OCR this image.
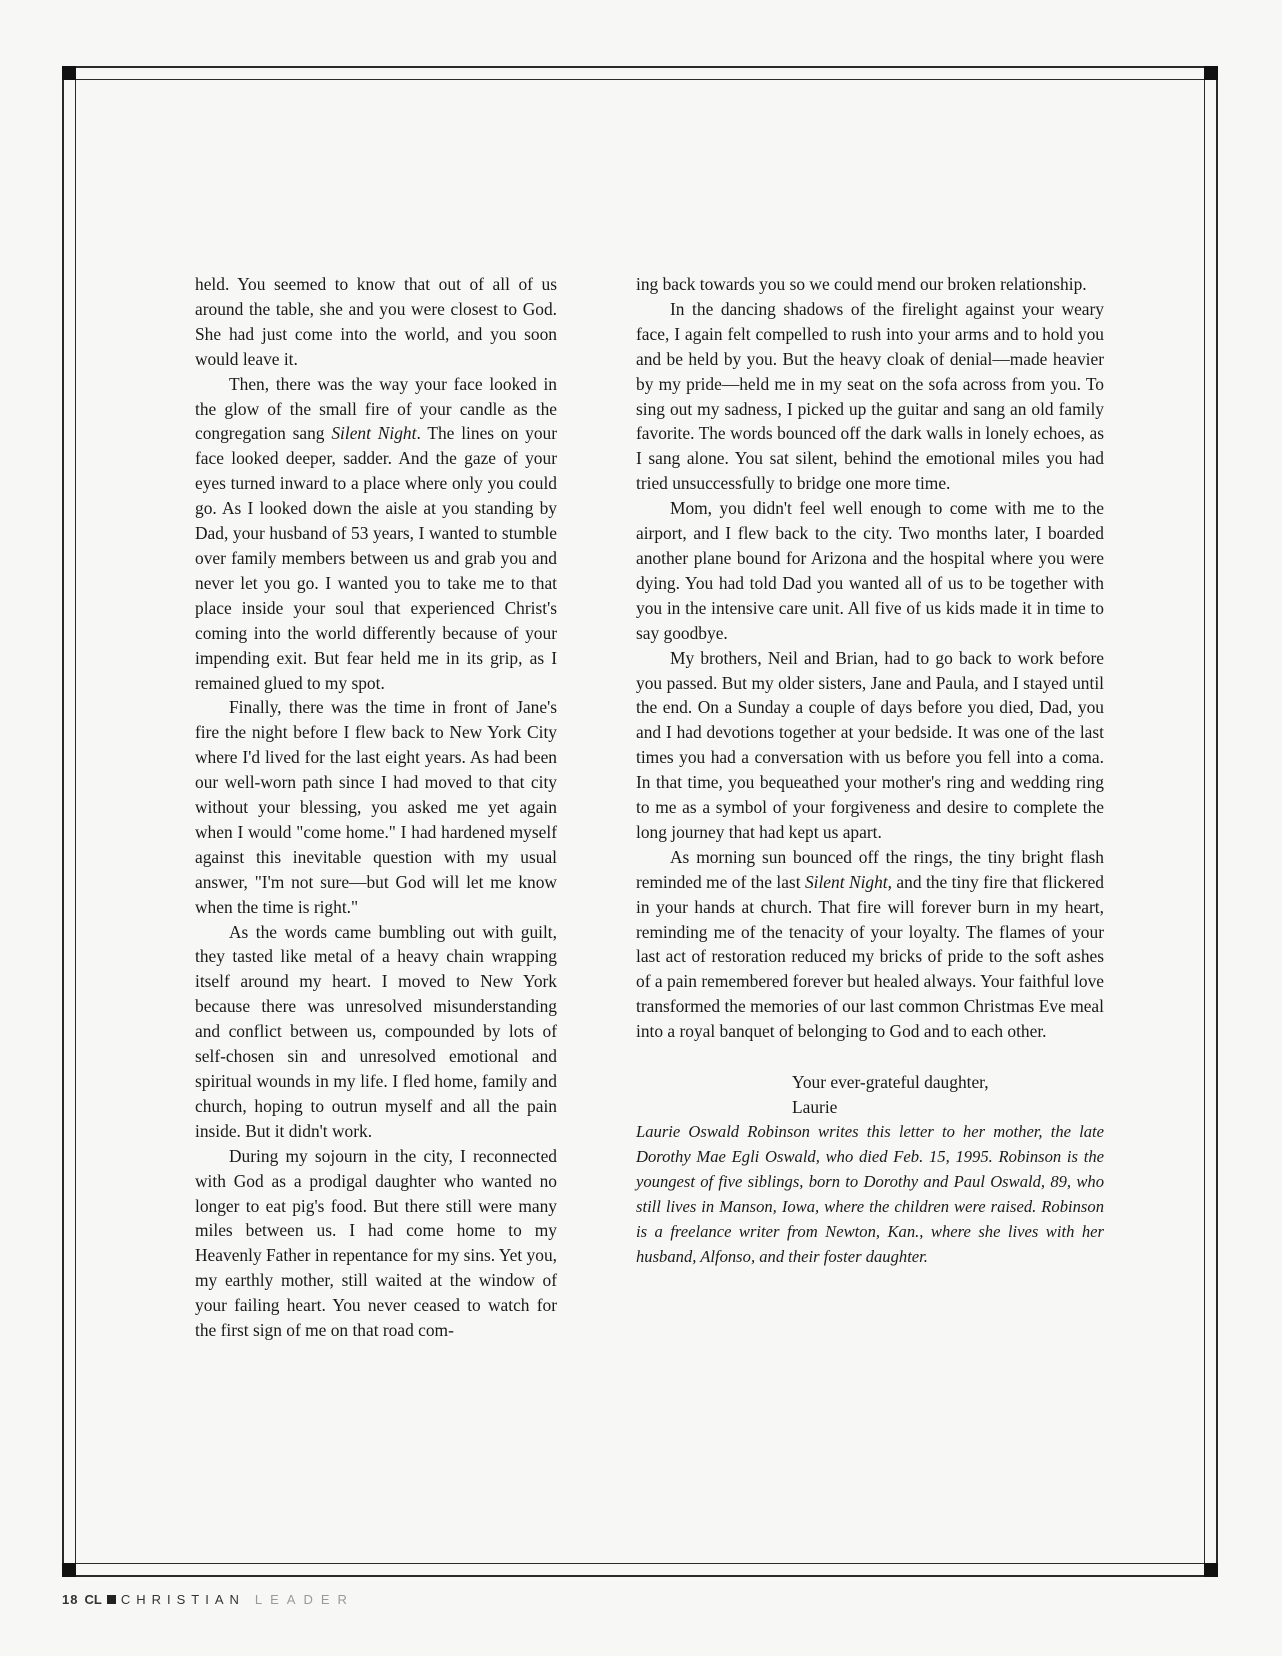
held. You seemed to know that out of all of us around the table, she and you were closest to God. She had just come into the world, and you soon would leave it.

Then, there was the way your face looked in the glow of the small fire of your candle as the congregation sang Silent Night. The lines on your face looked deeper, sadder. And the gaze of your eyes turned inward to a place where only you could go. As I looked down the aisle at you standing by Dad, your husband of 53 years, I wanted to stumble over family members between us and grab you and never let you go. I wanted you to take me to that place inside your soul that experienced Christ's coming into the world differently because of your impending exit. But fear held me in its grip, as I remained glued to my spot.

Finally, there was the time in front of Jane's fire the night before I flew back to New York City where I'd lived for the last eight years. As had been our well-worn path since I had moved to that city without your blessing, you asked me yet again when I would "come home." I had hardened myself against this inevitable question with my usual answer, "I'm not sure—but God will let me know when the time is right."

As the words came bumbling out with guilt, they tasted like metal of a heavy chain wrapping itself around my heart. I moved to New York because there was unresolved misunderstanding and conflict between us, compounded by lots of self-chosen sin and unresolved emotional and spiritual wounds in my life. I fled home, family and church, hoping to outrun myself and all the pain inside. But it didn't work.

During my sojourn in the city, I reconnected with God as a prodigal daughter who wanted no longer to eat pig's food. But there still were many miles between us. I had come home to my Heavenly Father in repentance for my sins. Yet you, my earthly mother, still waited at the window of your failing heart. You never ceased to watch for the first sign of me on that road com-

ing back towards you so we could mend our broken relationship.

In the dancing shadows of the firelight against your weary face, I again felt compelled to rush into your arms and to hold you and be held by you. But the heavy cloak of denial—made heavier by my pride—held me in my seat on the sofa across from you. To sing out my sadness, I picked up the guitar and sang an old family favorite. The words bounced off the dark walls in lonely echoes, as I sang alone. You sat silent, behind the emotional miles you had tried unsuccessfully to bridge one more time.

Mom, you didn't feel well enough to come with me to the airport, and I flew back to the city. Two months later, I boarded another plane bound for Arizona and the hospital where you were dying. You had told Dad you wanted all of us to be together with you in the intensive care unit. All five of us kids made it in time to say goodbye.

My brothers, Neil and Brian, had to go back to work before you passed. But my older sisters, Jane and Paula, and I stayed until the end. On a Sunday a couple of days before you died, Dad, you and I had devotions together at your bedside. It was one of the last times you had a conversation with us before you fell into a coma. In that time, you bequeathed your mother's ring and wedding ring to me as a symbol of your forgiveness and desire to complete the long journey that had kept us apart.

As morning sun bounced off the rings, the tiny bright flash reminded me of the last Silent Night, and the tiny fire that flickered in your hands at church. That fire will forever burn in my heart, reminding me of the tenacity of your loyalty. The flames of your last act of restoration reduced my bricks of pride to the soft ashes of a pain remembered forever but healed always. Your faithful love transformed the memories of our last common Christmas Eve meal into a royal banquet of belonging to God and to each other.

Your ever-grateful daughter,
Laurie

Laurie Oswald Robinson writes this letter to her mother, the late Dorothy Mae Egli Oswald, who died Feb. 15, 1995. Robinson is the youngest of five siblings, born to Dorothy and Paul Oswald, 89, who still lives in Manson, Iowa, where the children were raised. Robinson is a freelance writer from Newton, Kan., where she lives with her husband, Alfonso, and their foster daughter.

18 CL CHRISTIAN LEADER
